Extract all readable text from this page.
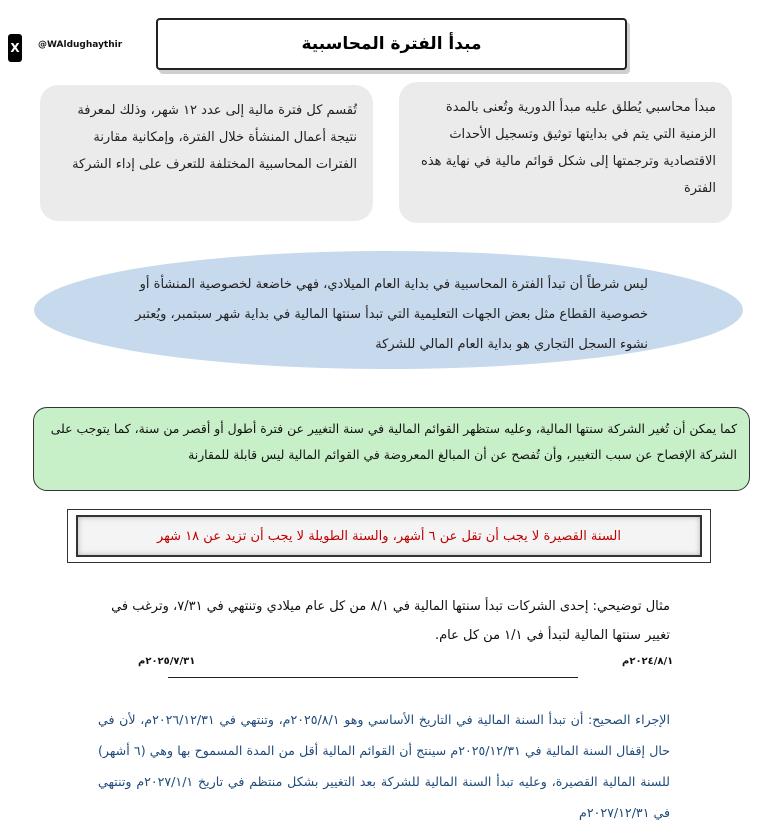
X @WAldughaythir	مبدأ الفترة المحاسبية
تُقسم كل فترة مالية إلى عدد ١٢ شهر، وذلك لمعرفة نتيجة أعمال المنشأة خلال الفترة، وإمكانية مقارنة الفترات المحاسبية المختلفة للتعرف على إداء الشركة
مبدأ محاسبي يُطلق عليه مبدأ الدورية وتُعنى بالمدة الزمنية التي يتم في بدايتها توثيق وتسجيل الأحداث الاقتصادية وترجمتها إلى شكل قوائم مالية في نهاية هذه الفترة
ليس شرطاً أن تبدأ الفترة المحاسبية في بداية العام الميلادي، فهي خاضعة لخصوصية المنشأة أو خصوصية القطاع مثل بعض الجهات التعليمية التي تبدأ سنتها المالية في بداية شهر سبتمبر، ويُعتبر نشوء السجل التجاري هو بداية العام المالي للشركة
كما يمكن أن تُغير الشركة سنتها المالية، وعليه ستظهر القوائم المالية في سنة التغيير عن فترة أطول أو أقصر من سنة، كما يتوجب على الشركة الإفصاح عن سبب التغيير، وأن تُفصح عن أن المبالغ المعروضة في القوائم المالية ليس قابلة للمقارنة
السنة القصيرة لا يجب أن تقل عن ٦ أشهر، والسنة الطويلة لا يجب أن تزيد عن ١٨ شهر
مثال توضيحي: إحدى الشركات تبدأ سنتها المالية في ٨/١ من كل عام ميلادي وتنتهي في ٧/٣١، وترغب في تغيير سنتها المالية لتبدأ في ١/١ من كل عام.
٢٠٢٥/٧/٣١م	٢٠٢٤/٨/١م
الإجراء الصحيح: أن تبدأ السنة المالية في التاريخ الأساسي وهو ٢٠٢٥/٨/١م، وتنتهي في ٢٠٢٦/١٢/٣١م، لأن في حال إقفال السنة المالية في ٢٠٢٥/١٢/٣١م سينتج أن القوائم المالية أقل من المدة المسموح بها وهي (٦ أشهر) للسنة المالية القصيرة، وعليه تبدأ السنة المالية للشركة بعد التغيير بشكل منتظم في تاريخ ٢٠٢٧/١/١م وتنتهي في ٢٠٢٧/١٢/٣١م
